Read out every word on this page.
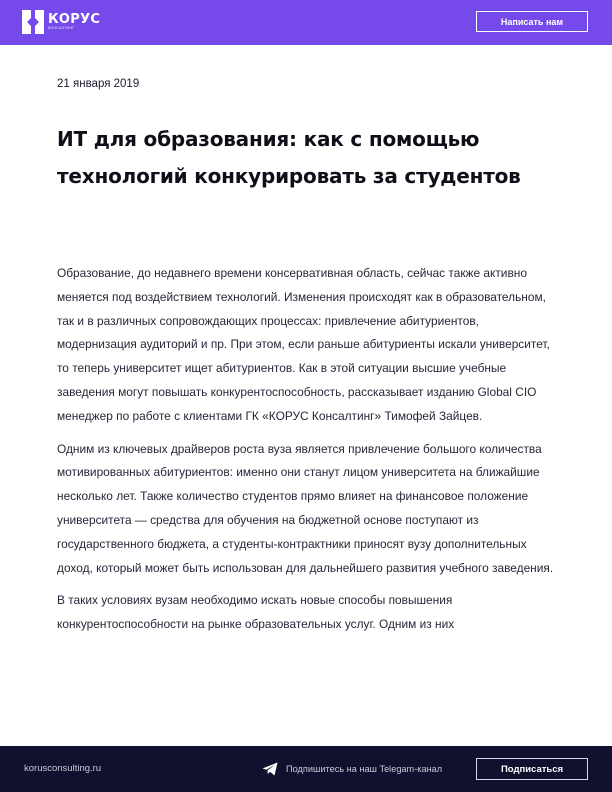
КОРУС
КОНСАЛТИНГ
Написать нам
21 января 2019
ИТ для образования: как с помощью технологий конкурировать за студентов

Образование, до недавнего времени консервативная область, сейчас также активно меняется под воздействием технологий. Изменения происходят как в образовательном, так и в различных сопровождающих процессах: привлечение абитуриентов, модернизация аудиторий и пр. При этом, если раньше абитуриенты искали университет, то теперь университет ищет абитуриентов. Как в этой ситуации высшие учебные заведения могут повышать конкурентоспособность, рассказывает изданию Global CIO менеджер по работе с клиентами ГК «КОРУС Консалтинг» Тимофей Зайцев.

Одним из ключевых драйверов роста вуза является привлечение большого количества мотивированных абитуриентов: именно они станут лицом университета на ближайшие несколько лет. Также количество студентов прямо влияет на финансовое положение университета — средства для обучения на бюджетной основе поступают из государственного бюджета, а студенты-контрактники приносят вузу дополнительных доход, который может быть использован для дальнейшего развития учебного заведения.

В таких условиях вузам необходимо искать новые способы повышения конкурентоспособности на рынке образовательных услуг. Одним из них

korusconsulting.ru	Подпишитесь на наш Telegam-канал	Подписаться
